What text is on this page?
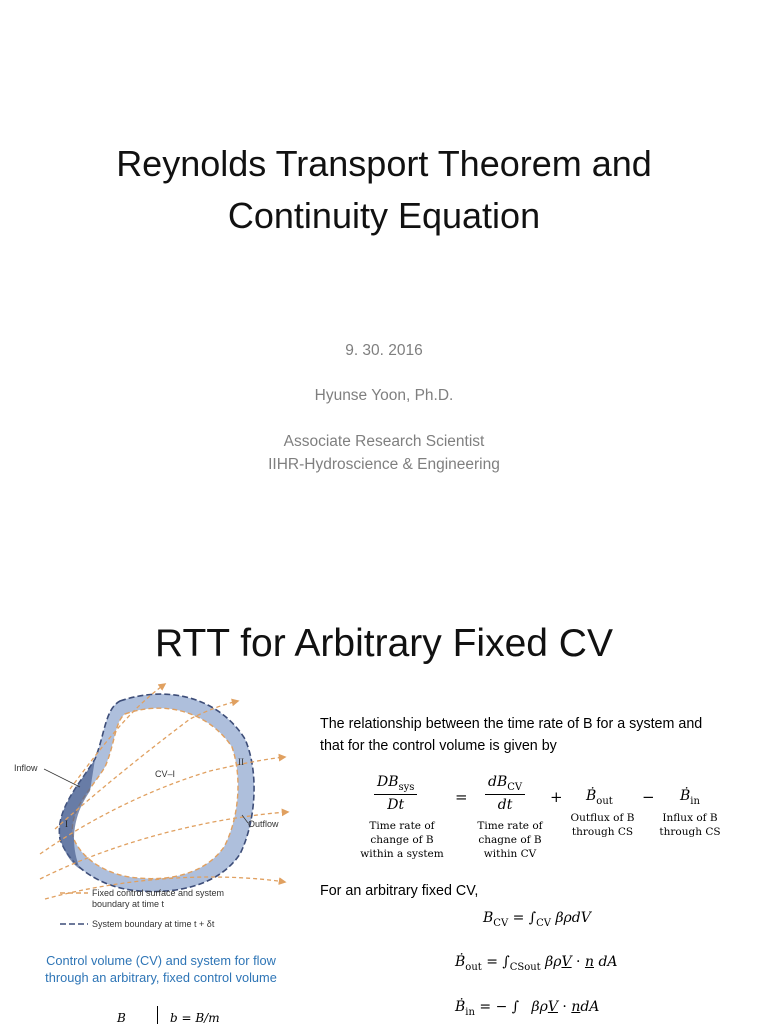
Reynolds Transport Theorem and
Continuity Equation
9. 30. 2016
Hyunse Yoon, Ph.D.
Associate Research Scientist
IIHR-Hydroscience & Engineering
RTT for Arbitrary Fixed CV
Inflow
Outflow
CV–I
II
I
Fixed control surface and system
boundary at time t
System boundary at time t + δt
Control volume (CV) and system for flow
through an arbitrary, fixed control volume
The relationship between the time rate of B for a system and
that for the control volume is given by
$\frac{DB_{sys}}{Dt}$	= $\frac{dB_{CV}}{dt}$ + Ḃ$_{out}$ − Ḃ$_{in}$
Time rate of
change of B
within a system
Time rate of
chagne of B
within CV
Outflux of B
through CS
Influx of B
through CS
For an arbitrary fixed CV,
$B_{CV} = \int_{CV}$ βρdV
Ḃ$_{out}$ = $\int_{CSout}$ βρV · n dA
Ḃ$_{in}$ = − ∫ βρV · ndA
B	b = B/m
